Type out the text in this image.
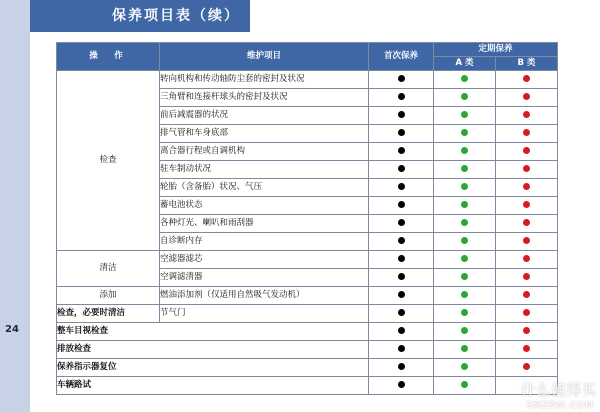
保养项目表（续）
24
操　作	维护项目	首次保养	定期保养	
			A 类	B 类
检查	转向机构和传动轴防尘套的密封及状况			
	三角臂和连接杆球头的密封及状况			
	前后减震器的状况			
	排气管和车身底部			
	离合器行程或自调机构			
	驻车制动状况			
	轮胎（含备胎）状况、气压			
	蓄电池状态			
	各种灯光、喇叭和雨刮器			
	自诊断内存			
清洁	空滤器滤芯			
	空调滤清器			
添加	燃油添加剂（仅适用自然吸气发动机）			
检查，必要时清洁	节气门			
整车目视检查				
排放检查				
保养指示器复位				
车辆路试					什么值得买
SMZDM.COM
